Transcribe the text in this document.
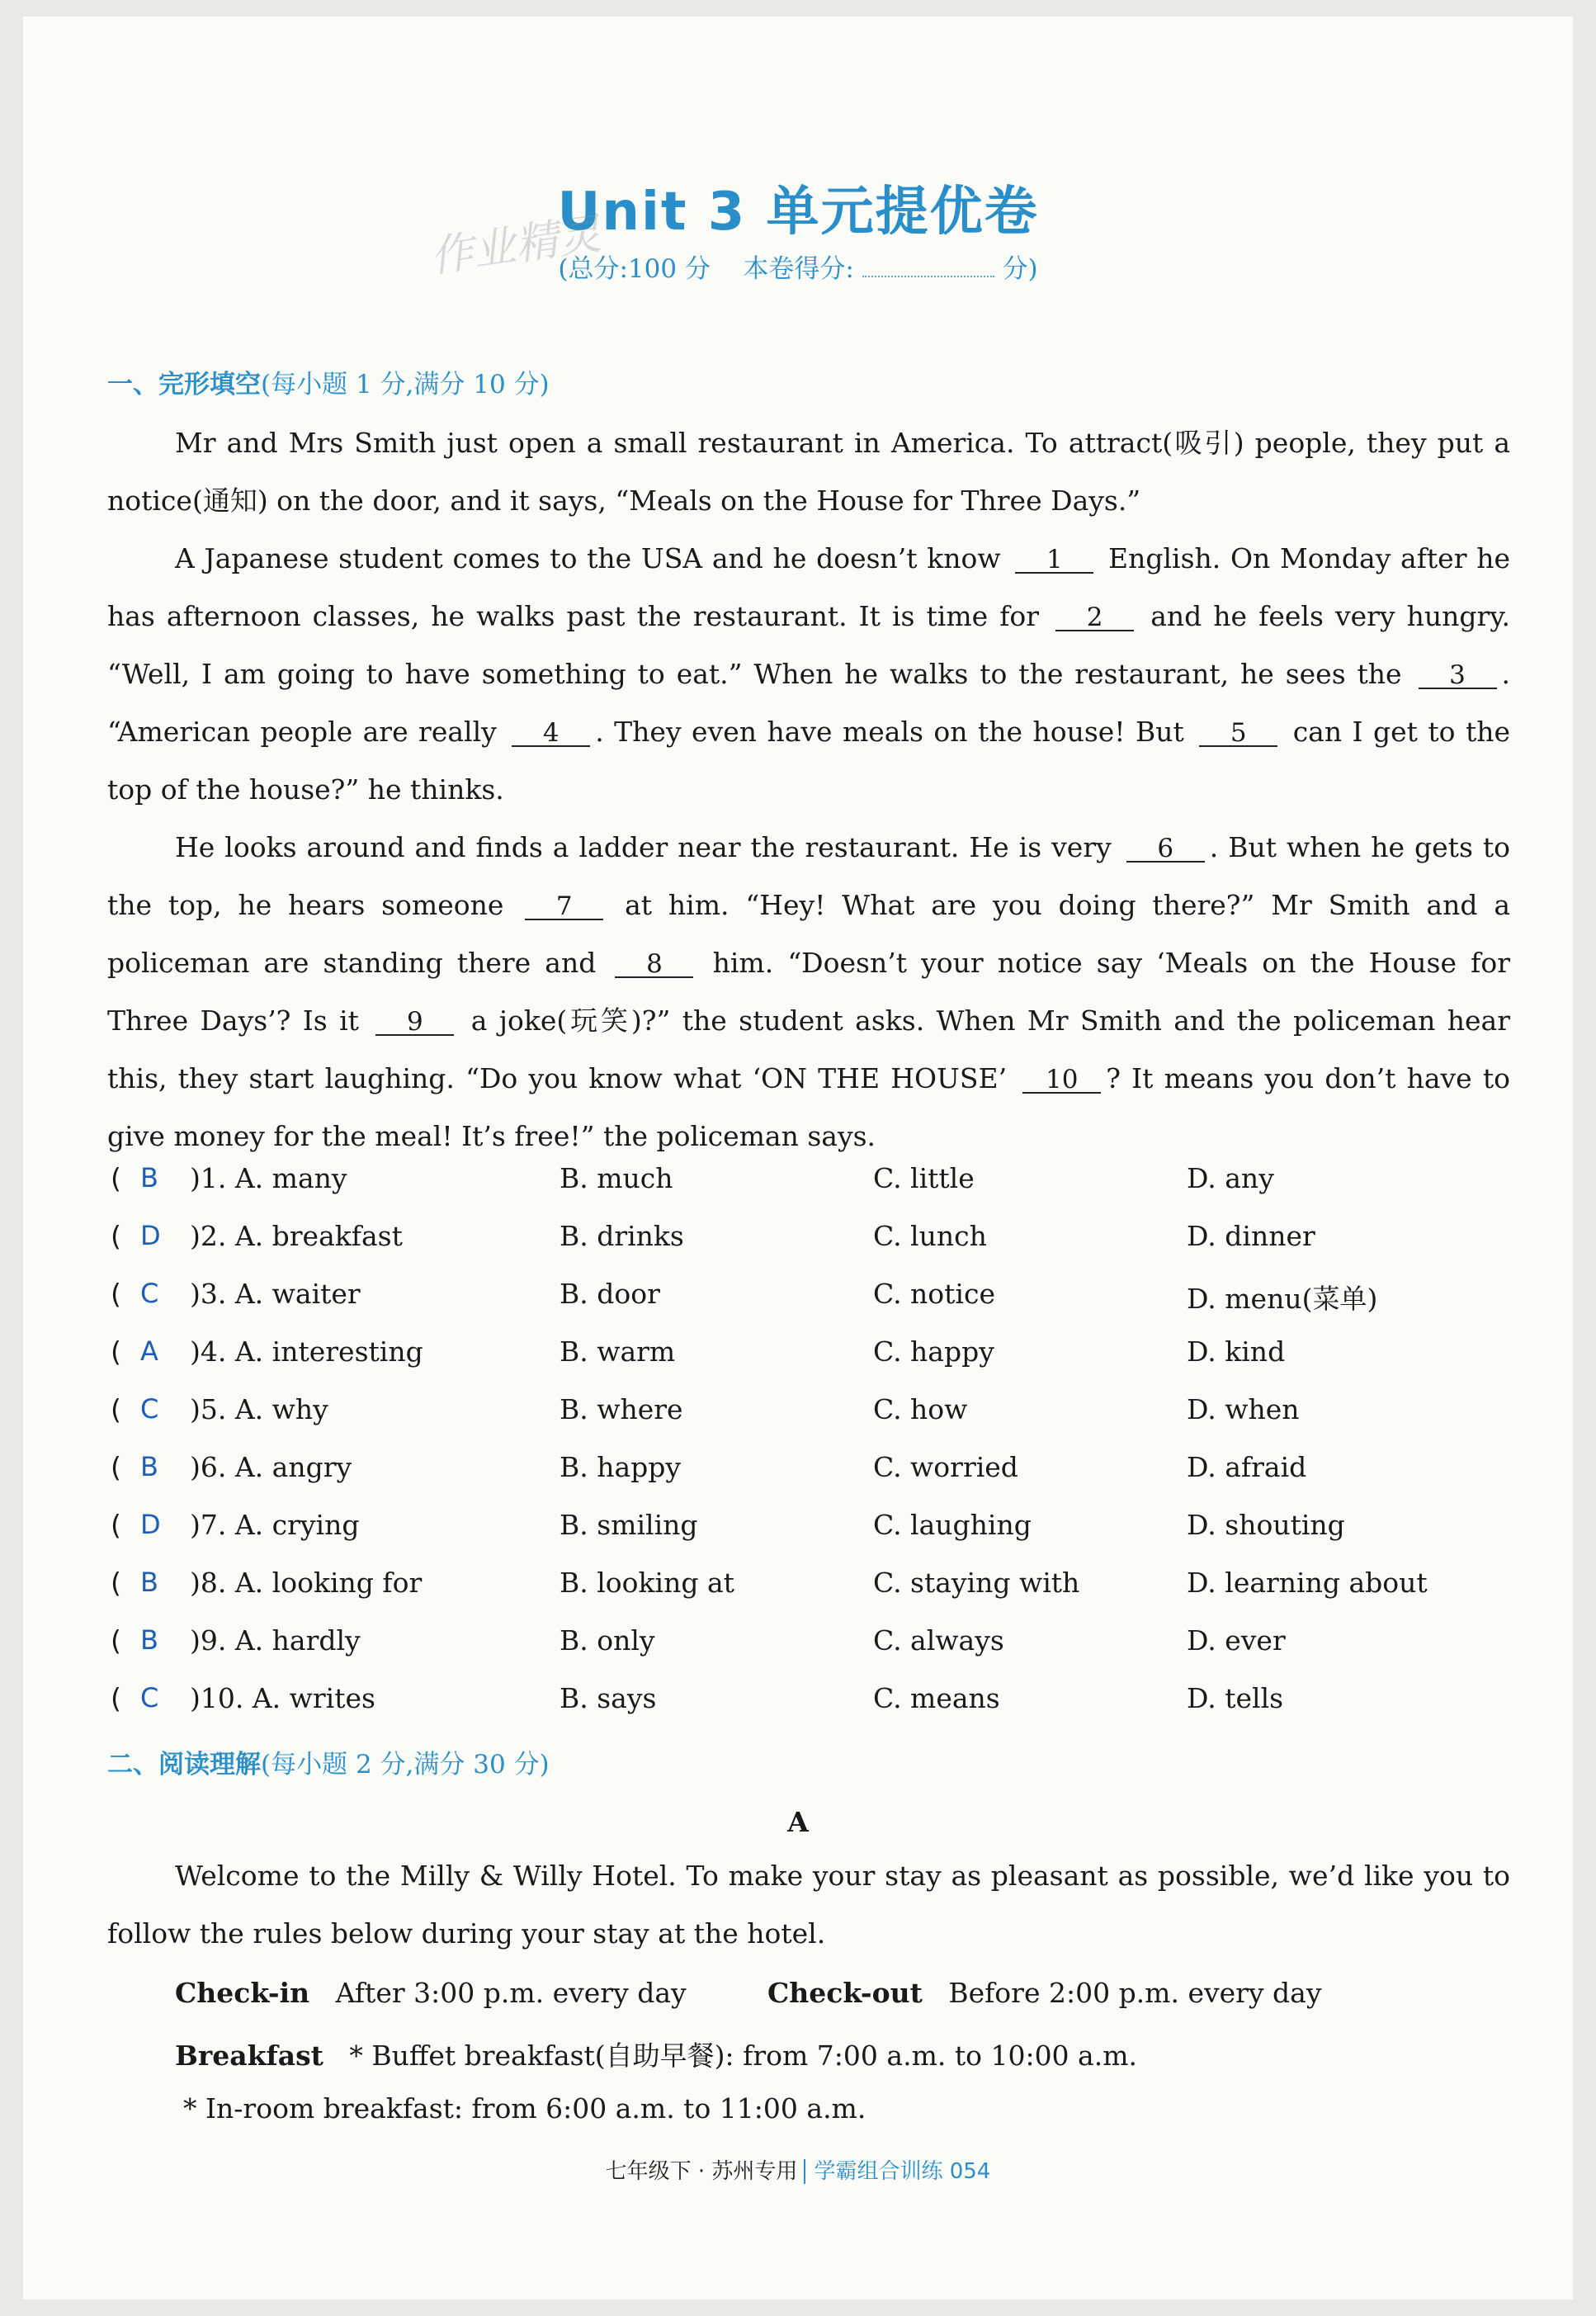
Unit 3 单元提优卷
作业精灵
(总分:100 分 本卷得分:	分)
一、完形填空(每小题 1 分,满分 10 分)
Mr and Mrs Smith just open a small restaurant in America. To attract(吸引) people, they put a notice(通知) on the door, and it says, “Meals on the House for Three Days.”
A Japanese student comes to the USA and he doesn’t know 1 English. On Monday after he has afternoon classes, he walks past the restaurant. It is time for 2 and he feels very hungry. “Well, I am going to have something to eat.” When he walks to the restaurant, he sees the 3 . “American people are really 4 . They even have meals on the house! But 5 can I get to the top of the house?” he thinks.
He looks around and finds a ladder near the restaurant. He is very 6 . But when he gets to the top, he hears someone 7 at him. “Hey! What are you doing there?” Mr Smith and a policeman are standing there and 8 him. “Doesn’t your notice say ‘Meals on the House for Three Days’? Is it 9 a joke(玩笑)?” the student asks. When Mr Smith and the policeman hear this, they start laughing. “Do you know what ‘ON THE HOUSE’ 10 ? It means you don’t have to give money for the meal! It’s free!” the policeman says.
( B )1. A. many	B. much	C. little	D. any
( D )2. A. breakfast	B. drinks	C. lunch	D. dinner
( C )3. A. waiter	B. door	C. notice	D. menu(菜单)
( A )4. A. interesting	B. warm	C. happy	D. kind
( C )5. A. why	B. where	C. how	D. when
( B )6. A. angry	B. happy	C. worried	D. afraid
( D )7. A. crying	B. smiling	C. laughing	D. shouting
( B )8. A. looking for	B. looking at	C. staying with	D. learning about
( B )9. A. hardly	B. only	C. always	D. ever
( C )10. A. writes	B. says	C. means	D. tells
二、阅读理解(每小题 2 分,满分 30 分)
A
Welcome to the Milly & Willy Hotel. To make your stay as pleasant as possible, we’d like you to follow the rules below during your stay at the hotel.
Check-in After 3:00 p.m. every day	Check-out Before 2:00 p.m. every day
Breakfast * Buffet breakfast(自助早餐): from 7:00 a.m. to 10:00 a.m.
* In-room breakfast: from 6:00 a.m. to 11:00 a.m.
七年级下 · 苏州专用 学霸组合训练 054
